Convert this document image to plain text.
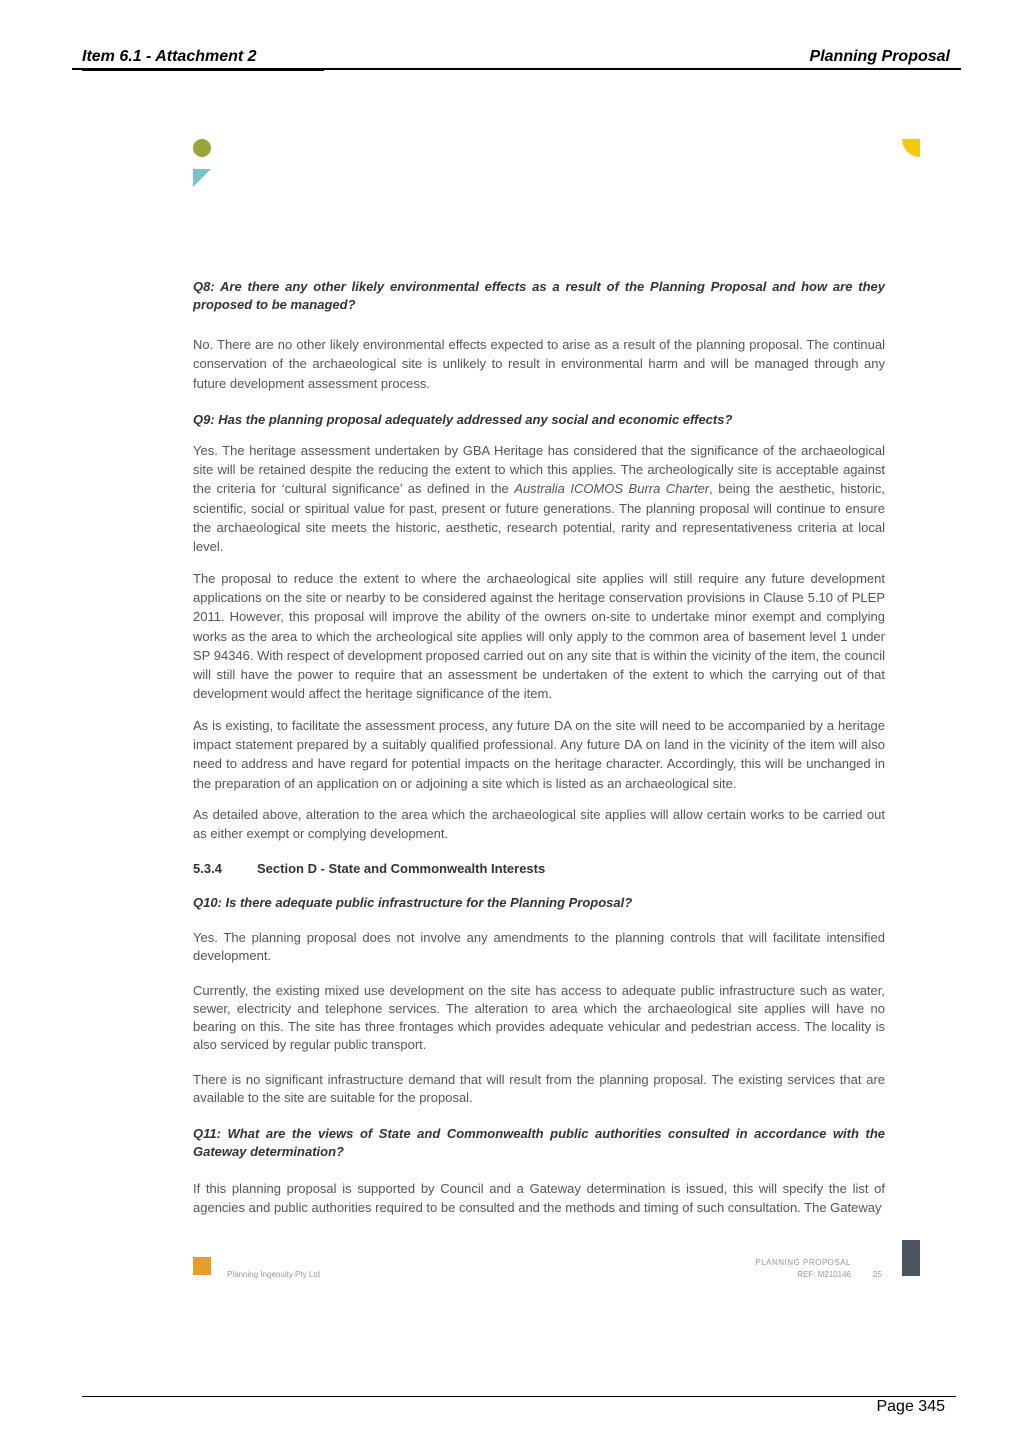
Item 6.1 - Attachment 2	Planning Proposal

Q8: Are there any other likely environmental effects as a result of the Planning Proposal and how are they proposed to be managed?

No. There are no other likely environmental effects expected to arise as a result of the planning proposal. The continual conservation of the archaeological site is unlikely to result in environmental harm and will be managed through any future development assessment process.

Q9: Has the planning proposal adequately addressed any social and economic effects?

Yes. The heritage assessment undertaken by GBA Heritage has considered that the significance of the archaeological site will be retained despite the reducing the extent to which this applies. The archeologically site is acceptable against the criteria for ‘cultural significance’ as defined in the Australia ICOMOS Burra Charter, being the aesthetic, historic, scientific, social or spiritual value for past, present or future generations. The planning proposal will continue to ensure the archaeological site meets the historic, aesthetic, research potential, rarity and representativeness criteria at local level.

The proposal to reduce the extent to where the archaeological site applies will still require any future development applications on the site or nearby to be considered against the heritage conservation provisions in Clause 5.10 of PLEP 2011. However, this proposal will improve the ability of the owners on-site to undertake minor exempt and complying works as the area to which the archeological site applies will only apply to the common area of basement level 1 under SP 94346. With respect of development proposed carried out on any site that is within the vicinity of the item, the council will still have the power to require that an assessment be undertaken of the extent to which the carrying out of that development would affect the heritage significance of the item.

As is existing, to facilitate the assessment process, any future DA on the site will need to be accompanied by a heritage impact statement prepared by a suitably qualified professional. Any future DA on land in the vicinity of the item will also need to address and have regard for potential impacts on the heritage character. Accordingly, this will be unchanged in the preparation of an application on or adjoining a site which is listed as an archaeological site.

As detailed above, alteration to the area which the archaeological site applies will allow certain works to be carried out as either exempt or complying development.

5.3.4	Section D - State and Commonwealth Interests

Q10: Is there adequate public infrastructure for the Planning Proposal?

Yes. The planning proposal does not involve any amendments to the planning controls that will facilitate intensified development.

Currently, the existing mixed use development on the site has access to adequate public infrastructure such as water, sewer, electricity and telephone services. The alteration to area which the archaeological site applies will have no bearing on this. The site has three frontages which provides adequate vehicular and pedestrian access. The locality is also serviced by regular public transport.

There is no significant infrastructure demand that will result from the planning proposal. The existing services that are available to the site are suitable for the proposal.

Q11: What are the views of State and Commonwealth public authorities consulted in accordance with the Gateway determination?

If this planning proposal is supported by Council and a Gateway determination is issued, this will specify the list of agencies and public authorities required to be consulted and the methods and timing of such consultation. The Gateway

Planning Ingenuity Pty Ltd
PLANNING PROPOSAL
REF: M210146	25
Page 345
